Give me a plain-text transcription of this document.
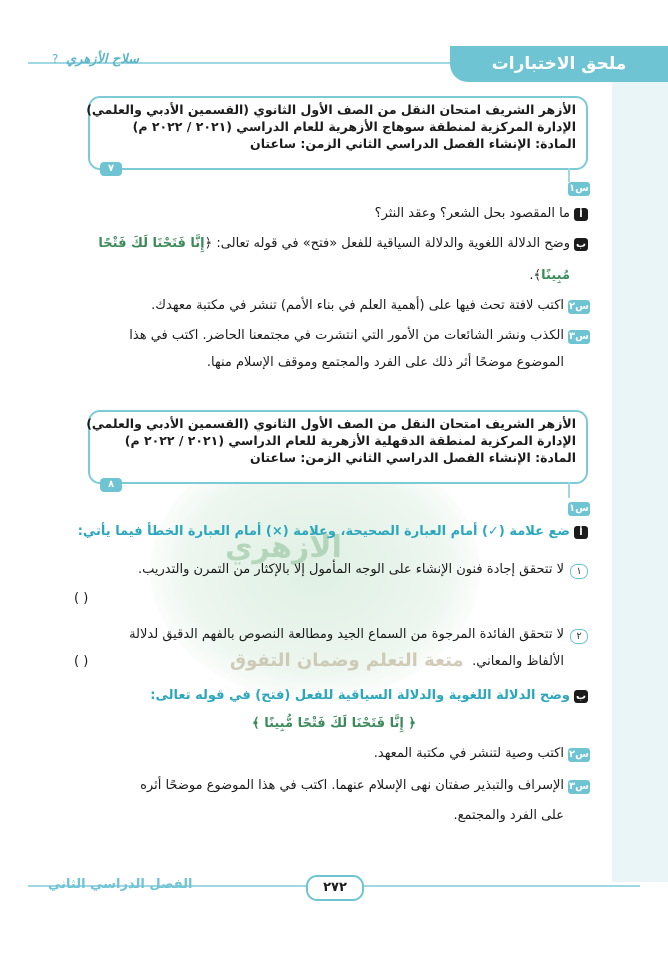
ملحق الاختبارات
? سلاح الأزهري
الأزهري
متعة التعلم وضمان التفوق
الأزهر الشريف امتحان النقل من الصف الأول الثانوي (القسمين الأدبي والعلمي)
الإدارة المركزية لمنطقة سوهاج الأزهرية للعام الدراسي (٢٠٢١ / ٢٠٢٢ م)
المادة: الإنشاء الفصل الدراسي الثاني الزمن: ساعتان
٧
س١
أ
ما المقصود بحل الشعر؟ وعقد النثر؟
ب
وضح الدلالة اللغوية والدلالة السياقية للفعل «فتح» في قوله تعالى: ﴿إِنَّا فَتَحْنَا لَكَ فَتْحًا
مُبِينًا﴾.
س٢
اكتب لافتة تحث فيها على (أهمية العلم في بناء الأمم) تنشر في مكتبة معهدك.
س٣
الكذب ونشر الشائعات من الأمور التي انتشرت في مجتمعنا الحاضر. اكتب في هذا
الموضوع موضحًا أثر ذلك على الفرد والمجتمع وموقف الإسلام منها.
الأزهر الشريف امتحان النقل من الصف الأول الثانوي (القسمين الأدبي والعلمي)
الإدارة المركزية لمنطقة الدقهلية الأزهرية للعام الدراسي (٢٠٢١ / ٢٠٢٢ م)
المادة: الإنشاء الفصل الدراسي الثاني الزمن: ساعتان
٨
س١
أ
ضع علامة (✓) أمام العبارة الصحيحة، وعلامة (×) أمام العبارة الخطأ فيما يأتي:
١
لا تتحقق إجادة فنون الإنشاء على الوجه المأمول إلا بالإكثار من التمرن والتدريب.
( )
٢
لا تتحقق الفائدة المرجوة من السماع الجيد ومطالعة النصوص بالفهم الدقيق لدلالة
الألفاظ والمعاني.
( )
ب
وضح الدلالة اللغوية والدلالة السياقية للفعل (فتح) في قوله تعالى:
﴿ إِنَّا فَتَحْنَا لَكَ فَتْحًا مُّبِينًا ﴾
س٢
اكتب وصية لتنشر في مكتبة المعهد.
س٣
الإسراف والتبذير صفتان نهى الإسلام عنهما. اكتب في هذا الموضوع موضحًا أثره
على الفرد والمجتمع.
٢٧٢
الفصل الدراسي الثاني
